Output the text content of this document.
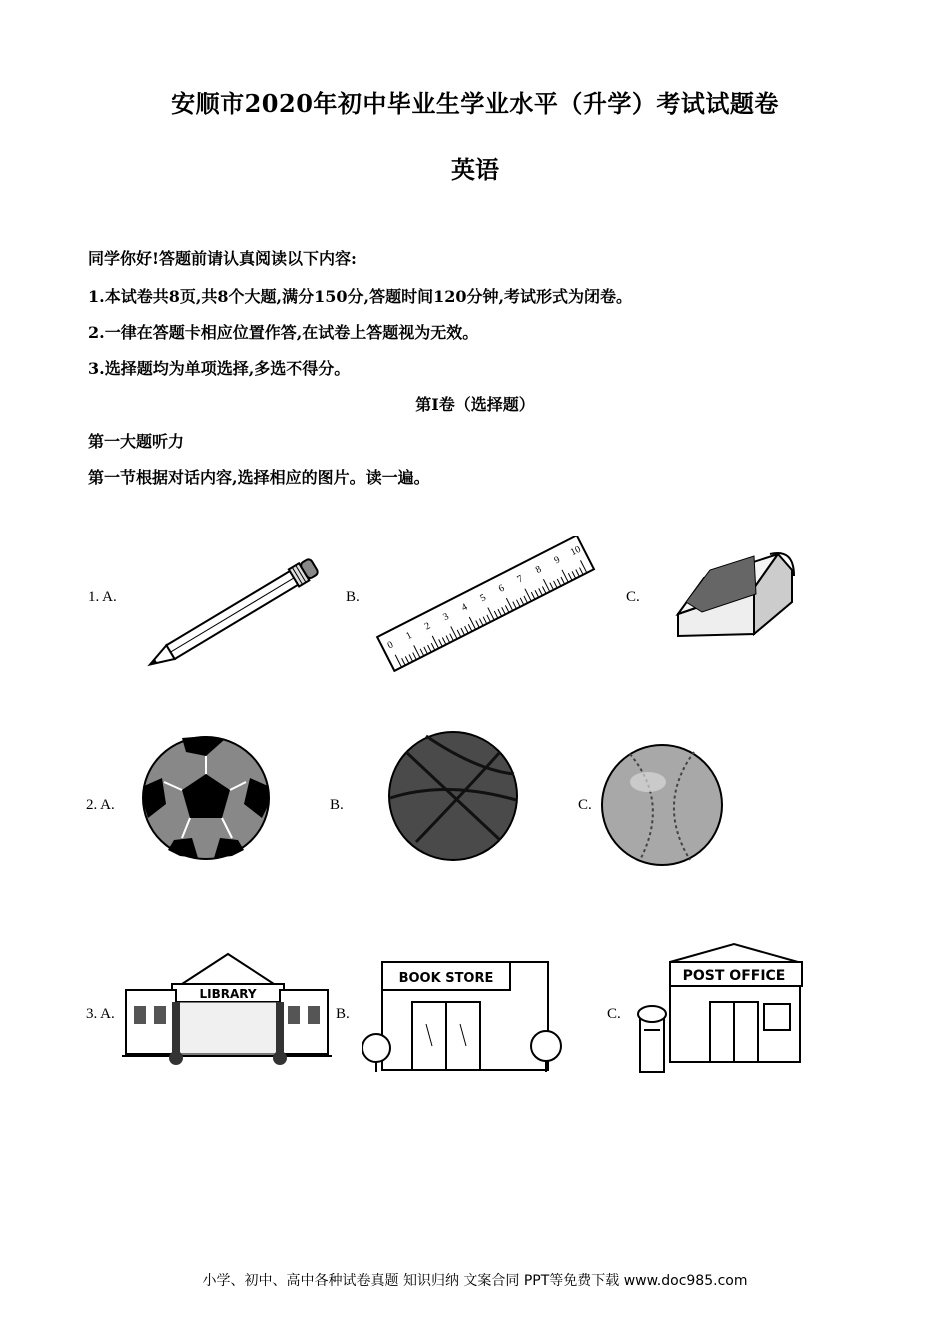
安顺市2020年初中毕业生学业水平（升学）考试试题卷
英语
同学你好!答题前请认真阅读以下内容:
1.本试卷共8页,共8个大题,满分150分,答题时间120分钟,考试形式为闭卷。
2.一律在答题卡相应位置作答,在试卷上答题视为无效。
3.选择题均为单项选择,多选不得分。
第Ⅰ卷（选择题）
第一大题听力
第一节根据对话内容,选择相应的图片。读一遍。
1. A.	B.	C.
0
1
2
3
4
5
6
7
8
9
10
2. A.	B.	C.
3. A.	B.	C.
LIBRARY
BOOK STORE	POST OFFICE
小学、初中、高中各种试卷真题 知识归纳 文案合同 PPT等免费下载 www.doc985.com
